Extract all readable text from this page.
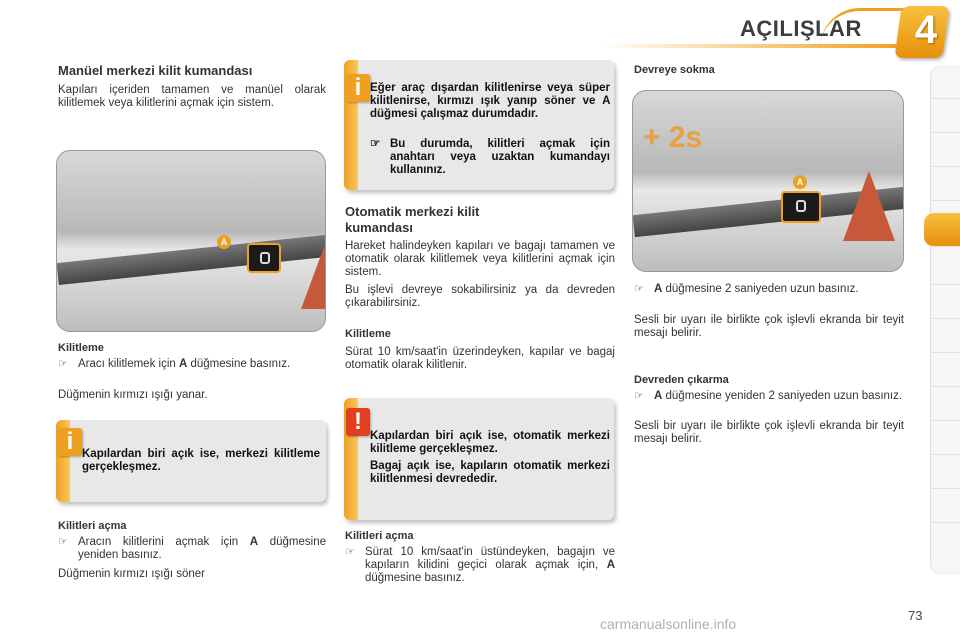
AÇILIŞLAR 4
Manüel merkezi kilit kumandası
Kapıları içeriden tamamen ve manüel olarak kilitlemek veya kilitlerini açmak için sistem.
A
Kilitleme
☞ Aracı kilitlemek için A düğmesine basınız.
Düğmenin kırmızı ışığı yanar.
i Kapılardan biri açık ise, merkezi kilitleme gerçekleşmez.
Kilitleri açma
☞ Aracın kilitlerini açmak için A düğmesine yeniden basınız.
Düğmenin kırmızı ışığı söner
i Eğer araç dışardan kilitlenirse veya süper kilitlenirse, kırmızı ışık yanıp söner ve A düğmesi çalışmaz durumdadır.
☞ Bu durumda, kilitleri açmak için anahtarı veya uzaktan kumandayı kullanınız.
Otomatik merkezi kilit kumandası
Hareket halindeyken kapıları ve bagajı tamamen ve otomatik olarak kilitlemek veya kilitlerini açmak için sistem.
Bu işlevi devreye sokabilirsiniz ya da devreden çıkarabilirsiniz.
Kilitleme
Sürat 10 km/saat'in üzerindeyken, kapılar ve bagaj otomatik olarak kilitlenir.
!
Kapılardan biri açık ise, otomatik merkezi kilitleme gerçekleşmez.
Bagaj açık ise, kapıların otomatik merkezi kilitlenmesi devrededir.
Kilitleri açma
☞ Sürat 10 km/saat'in üstündeyken, bagajın ve kapıların kilidini geçici olarak açmak için, A düğmesine basınız.
Devreye sokma
+ 2s
A
☞ A düğmesine 2 saniyeden uzun basınız.
Sesli bir uyarı ile birlikte çok işlevli ekranda bir teyit mesajı belirir.
Devreden çıkarma
☞ A düğmesine yeniden 2 saniyeden uzun basınız.
Sesli bir uyarı ile birlikte çok işlevli ekranda bir teyit mesajı belirir.
carmanualsonline.info
73
